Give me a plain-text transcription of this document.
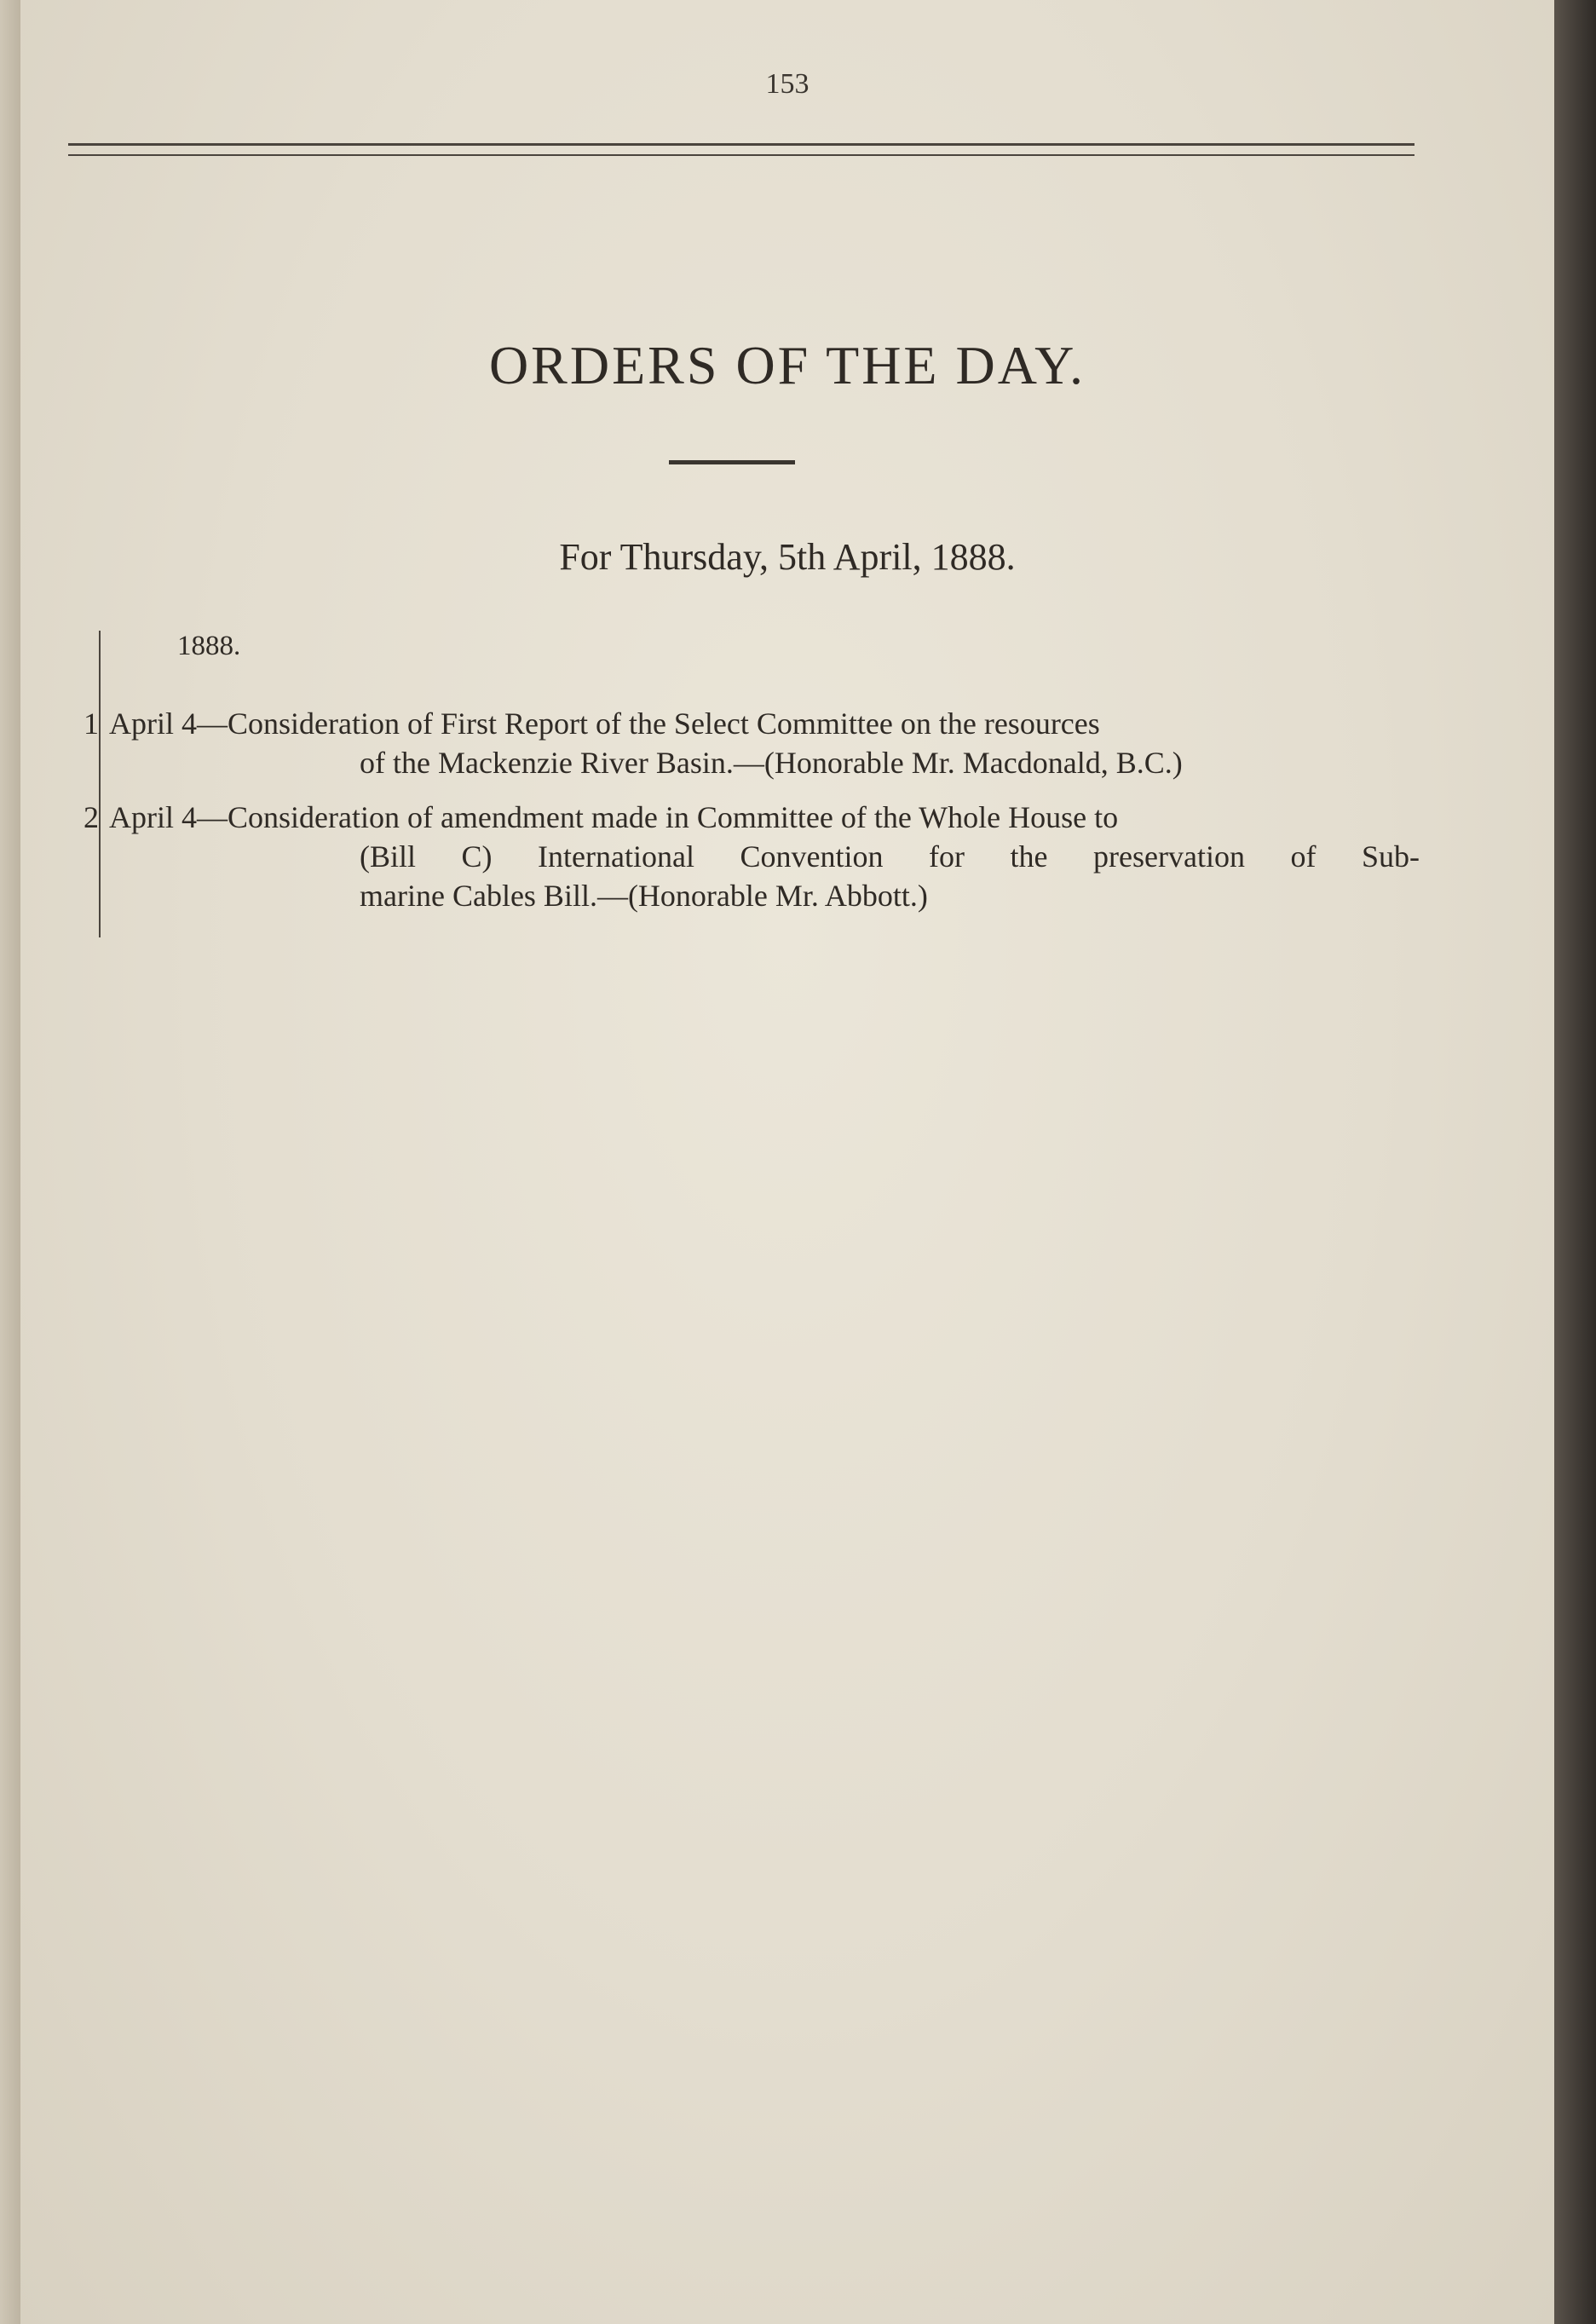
153
ORDERS OF THE DAY.
For Thursday, 5th April, 1888.
1888.
1 April 4—Consideration of First Report of the Select Committee on the resources
of the Mackenzie River Basin.—(Honorable Mr. Macdonald, B.C.)
2 April 4—Consideration of amendment made in Committee of the Whole House to
(Bill C) International Convention for the preservation of Sub-
marine Cables Bill.—(Honorable Mr. Abbott.)
